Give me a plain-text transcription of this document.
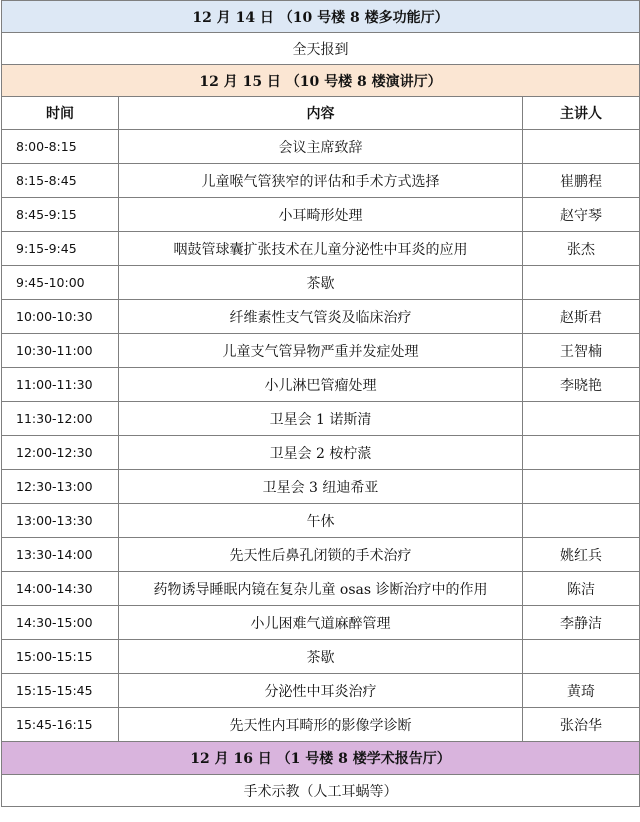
12 月 14 日 （10 号楼 8 楼多功能厅）		
全天报到		
12 月 15 日 （10 号楼 8 楼演讲厅）		
时间	内容	主讲人
8:00-8:15	会议主席致辞	
8:15-8:45	儿童喉气管狭窄的评估和手术方式选择	崔鹏程
8:45-9:15	小耳畸形处理	赵守琴
9:15-9:45	咽鼓管球囊扩张技术在儿童分泌性中耳炎的应用	张杰
9:45-10:00	茶歇	
10:00-10:30	纤维素性支气管炎及临床治疗	赵斯君
10:30-11:00	儿童支气管异物严重并发症处理	王智楠
11:00-11:30	小儿淋巴管瘤处理	李晓艳
11:30-12:00	卫星会 1 诺斯清	
12:00-12:30	卫星会 2 桉柠蒎	
12:30-13:00	卫星会 3 纽迪希亚	
13:00-13:30	午休	
13:30-14:00	先天性后鼻孔闭锁的手术治疗	姚红兵
14:00-14:30	药物诱导睡眠内镜在复杂儿童 osas 诊断治疗中的作用	陈洁
14:30-15:00	小儿困难气道麻醉管理	李静洁
15:00-15:15	茶歇	
15:15-15:45	分泌性中耳炎治疗	黄琦
15:45-16:15	先天性内耳畸形的影像学诊断	张治华
12 月 16 日 （1 号楼 8 楼学术报告厅）		
手术示教（人工耳蜗等）		
